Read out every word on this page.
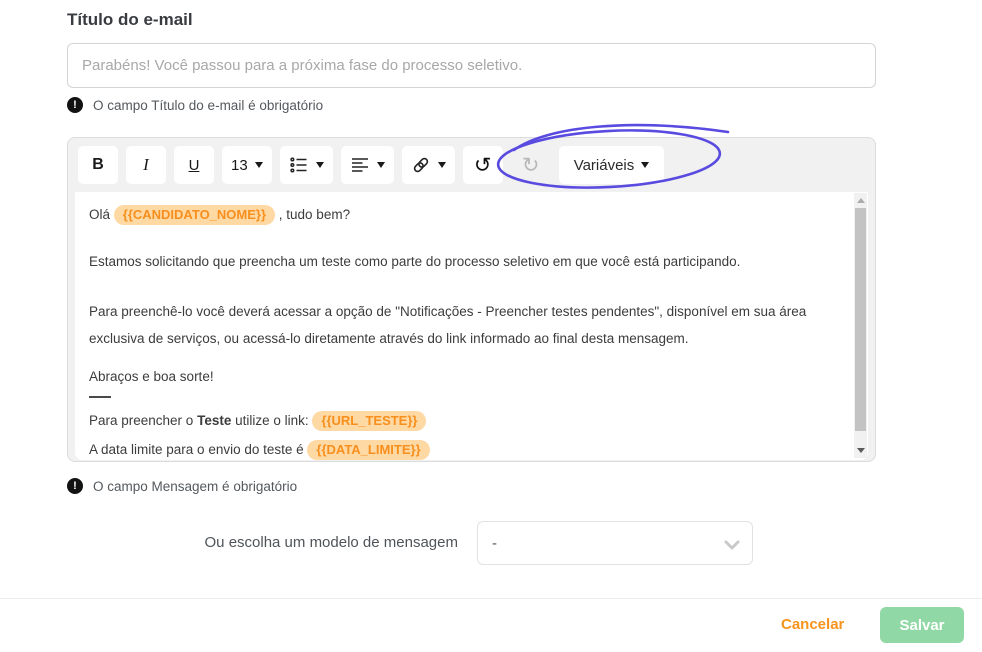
Título do e-mail
Parabéns! Você passou para a próxima fase do processo seletivo.
!	O campo Título do e-mail é obrigatório
B	I	U	13	↺ ↻ Variáveis

Olá {{CANDIDATO_NOME}} , tudo bem?

Estamos solicitando que preencha um teste como parte do processo seletivo em que você está participando.

Para preenchê-lo você deverá acessar a opção de "Notificações - Preencher testes pendentes", disponível em sua área exclusiva de serviços, ou acessá-lo diretamente através do link informado ao final desta mensagem.

Abraços e boa sorte!

Para preencher o Teste utilize o link: {{URL_TESTE}}

A data limite para o envio do teste é {{DATA_LIMITE}}

!	O campo Mensagem é obrigatório
Ou escolha um modelo de mensagem -
Cancelar	Salvar
